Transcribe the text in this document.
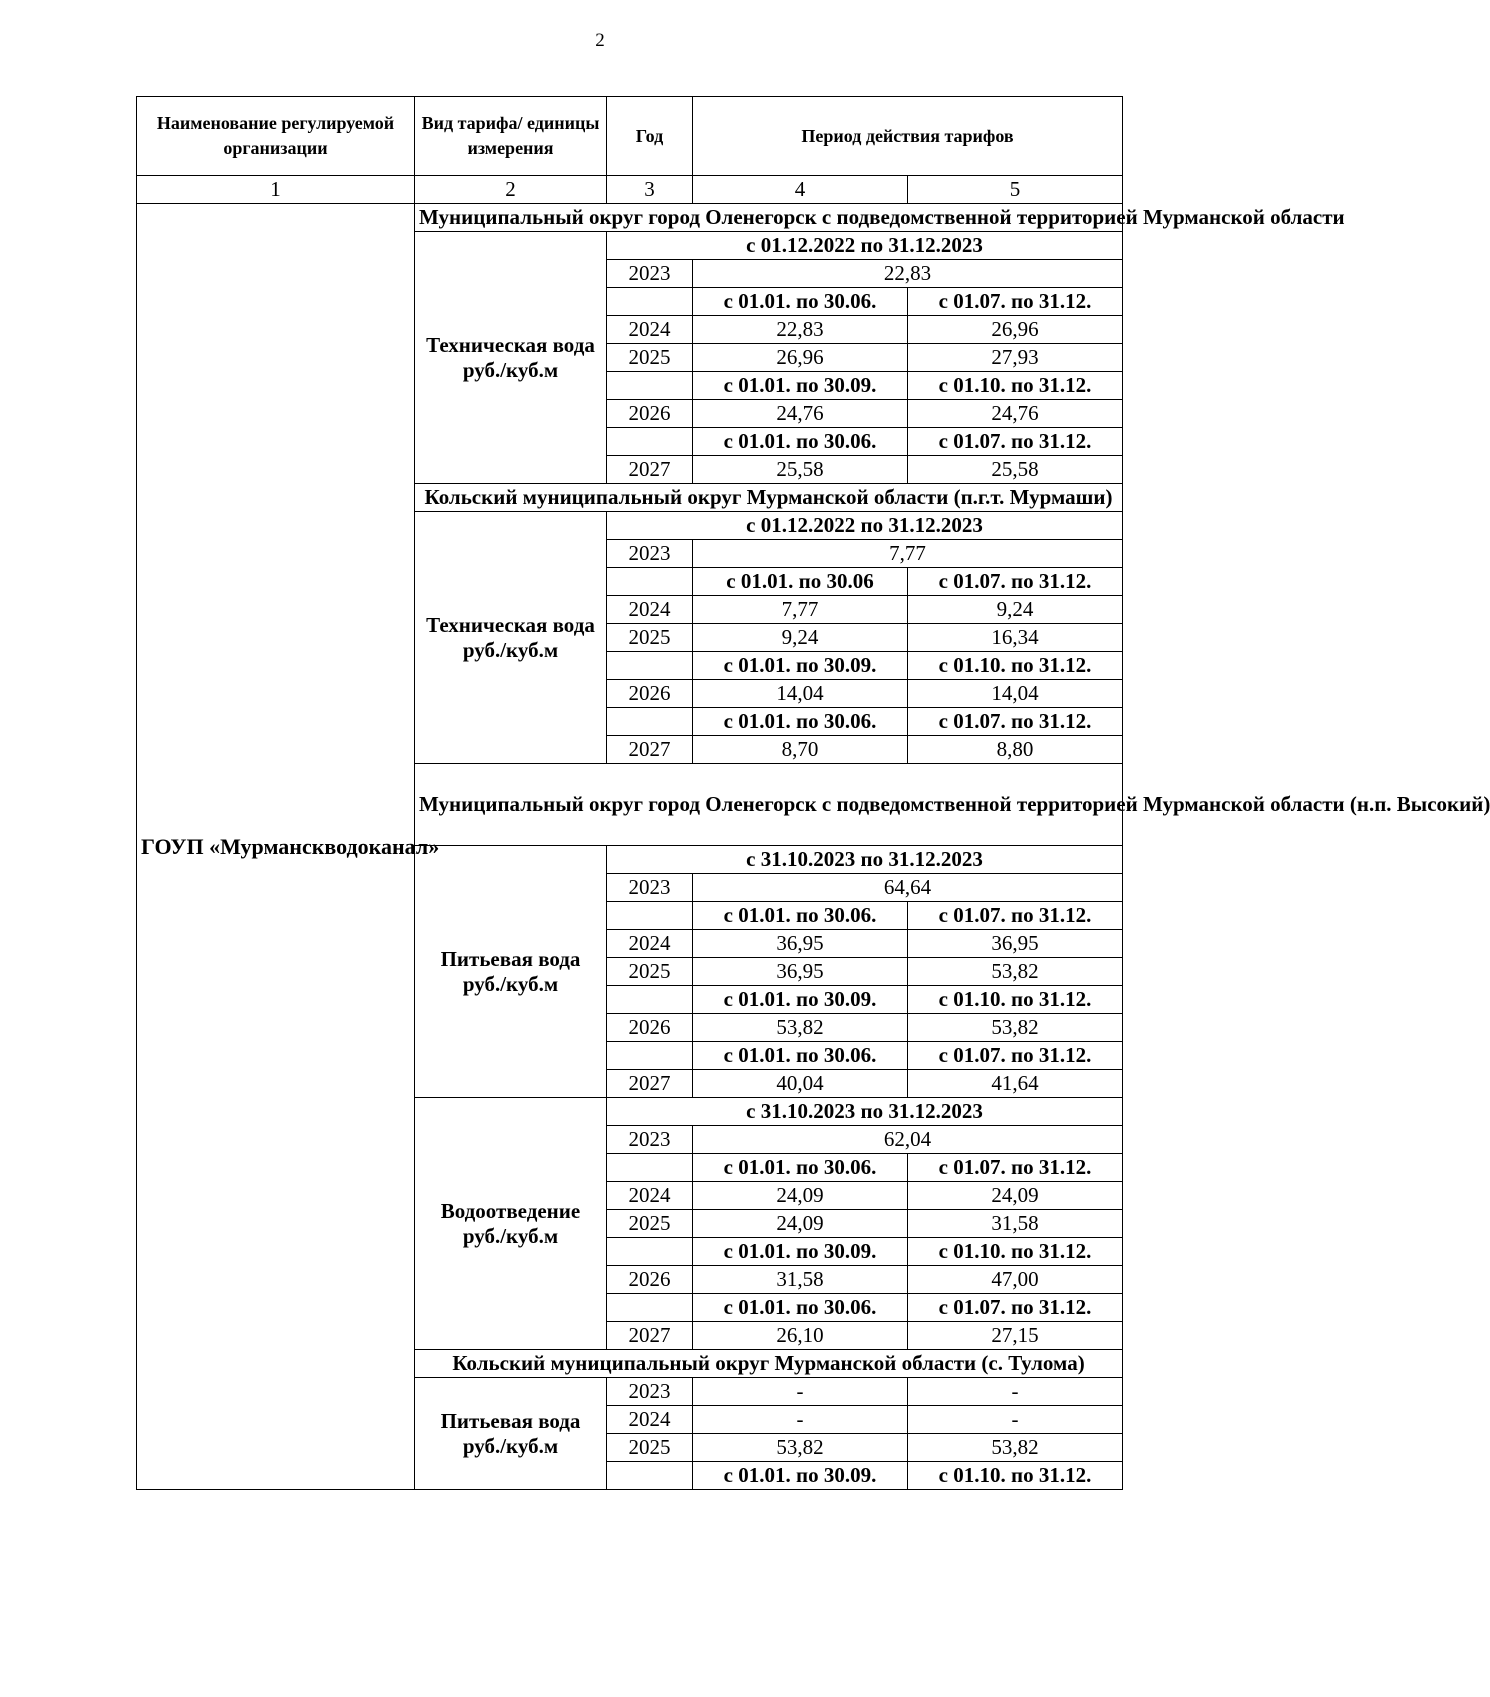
2
Наименование регулируемой организации	Вид тарифа/ единицы измерения	Год	Период действия тарифов	
1	2	3	4	5
ГОУП «Мурманскводоканал»	Муниципальный округ город Оленегорск с подведомственной территорией Мурманской области			
	Техническая вода руб./куб.м	с 01.12.2022 по 31.12.2023		
		2023	22,83	
			с 01.01. по 30.06.	с 01.07. по 31.12.
		2024	22,83	26,96
		2025	26,96	27,93
			с 01.01. по 30.09.	с 01.10. по 31.12.
		2026	24,76	24,76
			с 01.01. по 30.06.	с 01.07. по 31.12.
		2027	25,58	25,58
	Кольский муниципальный округ Мурманской области (п.г.т. Мурмаши)			
	Техническая вода руб./куб.м	с 01.12.2022 по 31.12.2023		
		2023	7,77	
			с 01.01. по 30.06	с 01.07. по 31.12.
		2024	7,77	9,24
		2025	9,24	16,34
			с 01.01. по 30.09.	с 01.10. по 31.12.
		2026	14,04	14,04
			с 01.01. по 30.06.	с 01.07. по 31.12.
		2027	8,70	8,80
	Муниципальный округ город Оленегорск с подведомственной территорией Мурманской области (н.п. Высокий)			
	Питьевая вода руб./куб.м	с 31.10.2023 по 31.12.2023		
		2023	64,64	
			с 01.01. по 30.06.	с 01.07. по 31.12.
		2024	36,95	36,95
		2025	36,95	53,82
			с 01.01. по 30.09.	с 01.10. по 31.12.
		2026	53,82	53,82
			с 01.01. по 30.06.	с 01.07. по 31.12.
		2027	40,04	41,64
	Водоотведение руб./куб.м	с 31.10.2023 по 31.12.2023		
		2023	62,04	
			с 01.01. по 30.06.	с 01.07. по 31.12.
		2024	24,09	24,09
		2025	24,09	31,58
			с 01.01. по 30.09.	с 01.10. по 31.12.
		2026	31,58	47,00
			с 01.01. по 30.06.	с 01.07. по 31.12.
		2027	26,10	27,15
	Кольский муниципальный округ Мурманской области (с. Тулома)			
	Питьевая вода руб./куб.м	2023	-	-
		2024	-	-
		2025	53,82	53,82
			с 01.01. по 30.09.	с 01.10. по 31.12.
